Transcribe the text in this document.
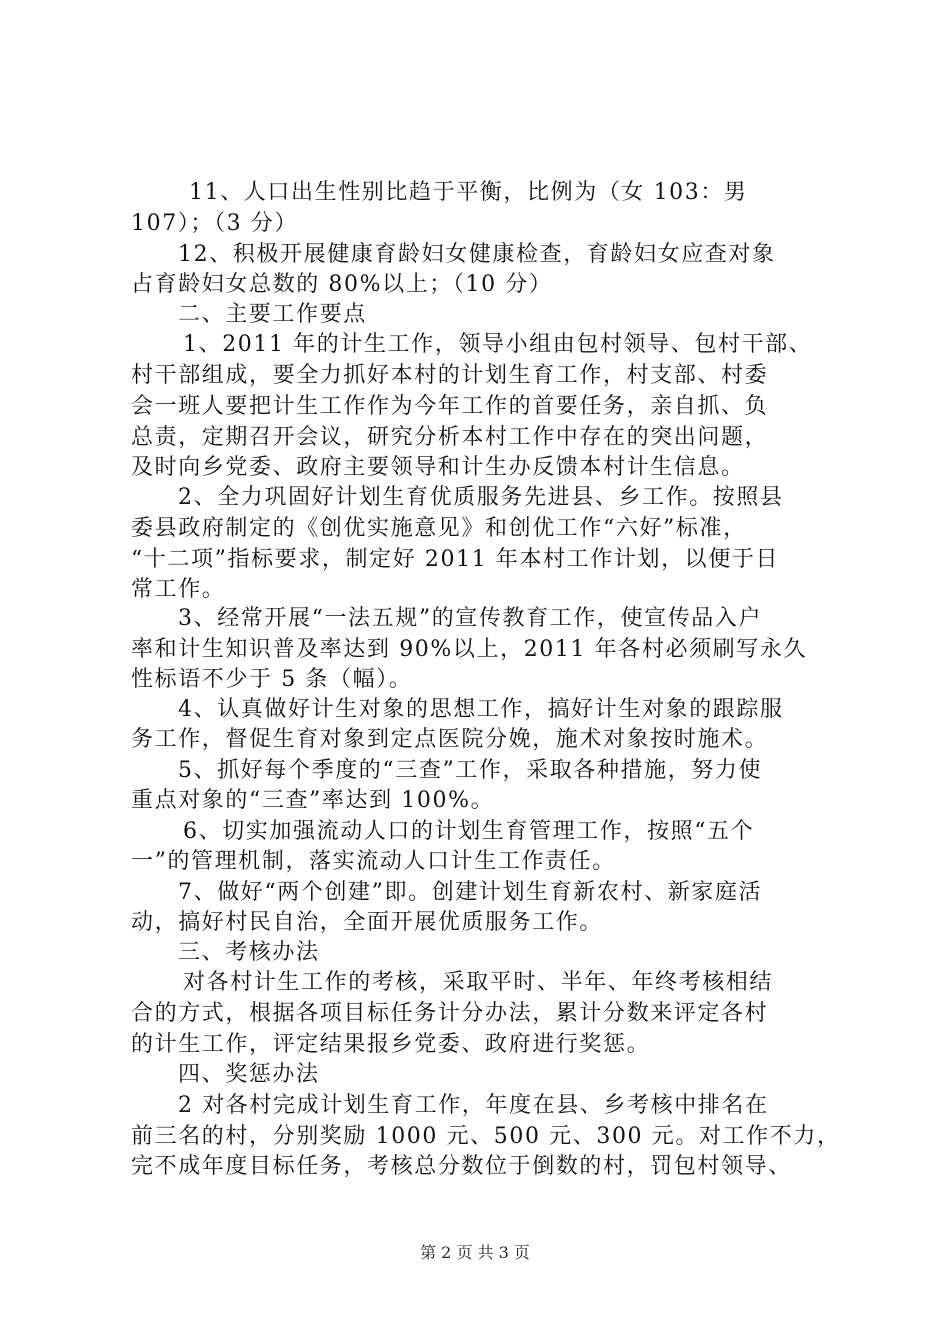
11、人口出生性别比趋于平衡，比例为（女 103：男
107）；（3 分）
12、积极开展健康育龄妇女健康检查，育龄妇女应查对象
占育龄妇女总数的 80%以上；（10 分）
二、主要工作要点
1、2011 年的计生工作，领导小组由包村领导、包村干部、
村干部组成，要全力抓好本村的计划生育工作，村支部、村委
会一班人要把计生工作作为今年工作的首要任务，亲自抓、负
总责，定期召开会议，研究分析本村工作中存在的突出问题，
及时向乡党委、政府主要领导和计生办反馈本村计生信息。
2、全力巩固好计划生育优质服务先进县、乡工作。按照县
委县政府制定的《创优实施意见》和创优工作“六好”标准，
“十二项”指标要求，制定好 2011 年本村工作计划，以便于日
常工作。
3、经常开展“一法五规”的宣传教育工作，使宣传品入户
率和计生知识普及率达到 90%以上，2011 年各村必须刷写永久
性标语不少于 5 条（幅）。
4、认真做好计生对象的思想工作，搞好计生对象的跟踪服
务工作，督促生育对象到定点医院分娩，施术对象按时施术。
5、抓好每个季度的“三查”工作，采取各种措施，努力使
重点对象的“三查”率达到 100%。
6、切实加强流动人口的计划生育管理工作，按照“五个
一”的管理机制，落实流动人口计生工作责任。
7、做好“两个创建”即。创建计划生育新农村、新家庭活
动，搞好村民自治，全面开展优质服务工作。
三、考核办法
对各村计生工作的考核，采取平时、半年、年终考核相结
合的方式，根据各项目标任务计分办法，累计分数来评定各村
的计生工作，评定结果报乡党委、政府进行奖惩。
四、奖惩办法
2 对各村完成计划生育工作，年度在县、乡考核中排名在
前三名的村，分别奖励 1000 元、500 元、300 元。对工作不力，
完不成年度目标任务，考核总分数位于倒数的村，罚包村领导、
第 2 页 共 3 页
